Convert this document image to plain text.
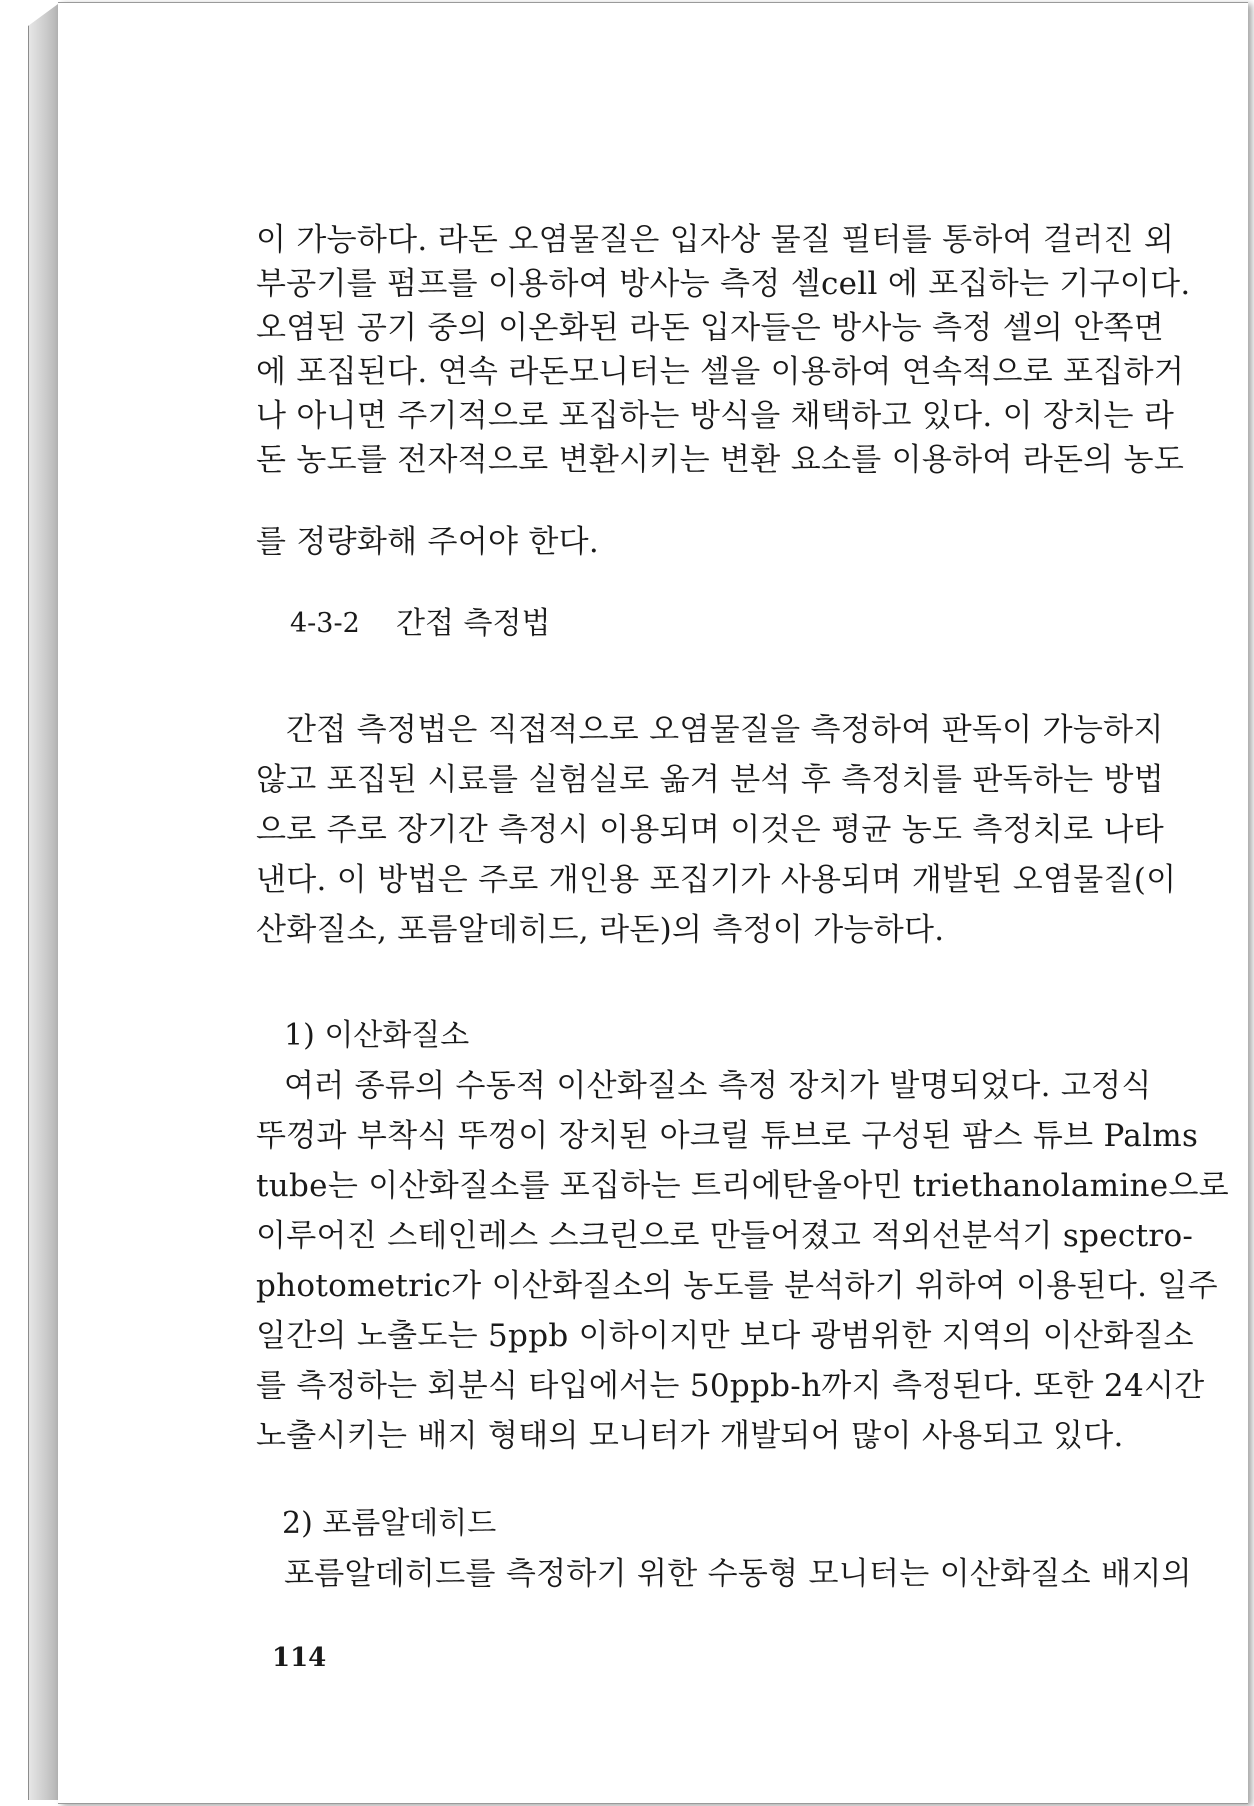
이 가능하다. 라돈 오염물질은 입자상 물질 필터를 통하여 걸러진 외
부공기를 펌프를 이용하여 방사능 측정 셀cell 에 포집하는 기구이다.
오염된 공기 중의 이온화된 라돈 입자들은 방사능 측정 셀의 안쪽면
에 포집된다. 연속 라돈모니터는 셀을 이용하여 연속적으로 포집하거
나 아니면 주기적으로 포집하는 방식을 채택하고 있다. 이 장치는 라
돈 농도를 전자적으로 변환시키는 변환 요소를 이용하여 라돈의 농도
를 정량화해 주어야 한다.
4-3-2 간접 측정법
간접 측정법은 직접적으로 오염물질을 측정하여 판독이 가능하지
않고 포집된 시료를 실험실로 옮겨 분석 후 측정치를 판독하는 방법
으로 주로 장기간 측정시 이용되며 이것은 평균 농도 측정치로 나타
낸다. 이 방법은 주로 개인용 포집기가 사용되며 개발된 오염물질(이
산화질소, 포름알데히드, 라돈)의 측정이 가능하다.
1) 이산화질소
여러 종류의 수동적 이산화질소 측정 장치가 발명되었다. 고정식
뚜껑과 부착식 뚜껑이 장치된 아크릴 튜브로 구성된 팜스 튜브 Palms
tube는 이산화질소를 포집하는 트리에탄올아민 triethanolamine으로
이루어진 스테인레스 스크린으로 만들어졌고 적외선분석기 spectro-
photometric가 이산화질소의 농도를 분석하기 위하여 이용된다. 일주
일간의 노출도는 5ppb 이하이지만 보다 광범위한 지역의 이산화질소
를 측정하는 회분식 타입에서는 50ppb-h까지 측정된다. 또한 24시간
노출시키는 배지 형태의 모니터가 개발되어 많이 사용되고 있다.
2) 포름알데히드
포름알데히드를 측정하기 위한 수동형 모니터는 이산화질소 배지의
114
